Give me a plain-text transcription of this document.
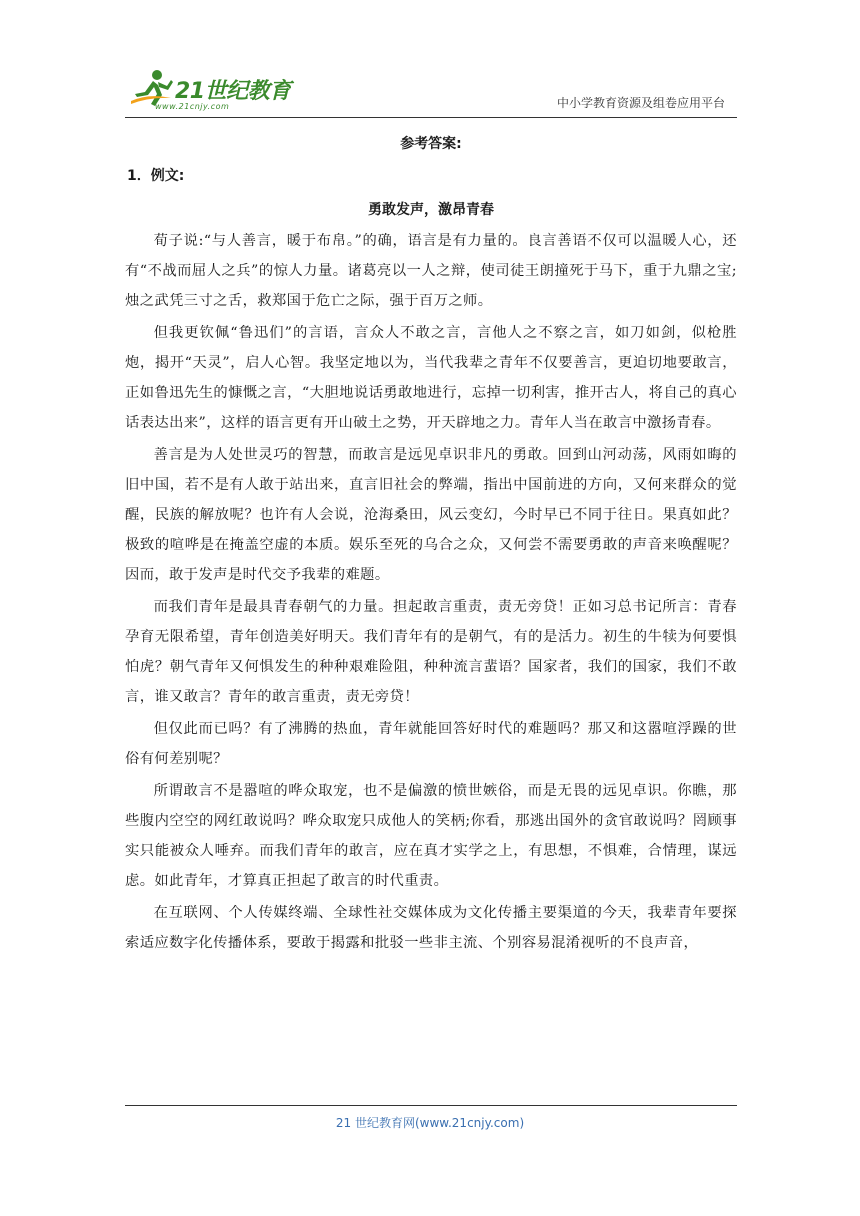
21世纪教育
www.21cnjy.com	中小学教育资源及组卷应用平台
参考答案:
1．例文:
勇敢发声，激昂青春

荀子说:“与人善言，暖于布帛。”的确，语言是有力量的。良言善语不仅可以温暖人心，还有“不战而屈人之兵”的惊人力量。诸葛亮以一人之辩，使司徒王朗撞死于马下，重于九鼎之宝;烛之武凭三寸之舌，救郑国于危亡之际，强于百万之师。

但我更钦佩“鲁迅们”的言语，言众人不敢之言，言他人之不察之言，如刀如剑，似枪胜炮，揭开“天灵”，启人心智。我坚定地以为，当代我辈之青年不仅要善言，更迫切地要敢言，正如鲁迅先生的慷慨之言，“大胆地说话勇敢地进行，忘掉一切利害，推开古人，将自己的真心话表达出来”，这样的语言更有开山破土之势，开天辟地之力。青年人当在敢言中激扬青春。

善言是为人处世灵巧的智慧，而敢言是远见卓识非凡的勇敢。回到山河动荡，风雨如晦的旧中国，若不是有人敢于站出来，直言旧社会的弊端，指出中国前进的方向，又何来群众的觉醒，民族的解放呢？也许有人会说，沧海桑田，风云变幻，今时早已不同于往日。果真如此？极致的喧哗是在掩盖空虚的本质。娱乐至死的乌合之众，又何尝不需要勇敢的声音来唤醒呢？因而，敢于发声是时代交予我辈的难题。

而我们青年是最具青春朝气的力量。担起敢言重责，责无旁贷！正如习总书记所言：青春孕育无限希望，青年创造美好明天。我们青年有的是朝气，有的是活力。初生的牛犊为何要惧怕虎？朝气青年又何惧发生的种种艰难险阻，种种流言蜚语？国家者，我们的国家，我们不敢言，谁又敢言？青年的敢言重责，责无旁贷！

但仅此而已吗？有了沸腾的热血，青年就能回答好时代的难题吗？那又和这嚣喧浮躁的世俗有何差别呢？

所谓敢言不是嚣喧的哗众取宠，也不是偏激的愤世嫉俗，而是无畏的远见卓识。你瞧，那些腹内空空的网红敢说吗？哗众取宠只成他人的笑柄;你看，那逃出国外的贪官敢说吗？罔顾事实只能被众人唾弃。而我们青年的敢言，应在真才实学之上，有思想，不惧难，合情理，谋远虑。如此青年，才算真正担起了敢言的时代重责。

在互联网、个人传媒终端、全球性社交媒体成为文化传播主要渠道的今天，我辈青年要探索适应数字化传播体系，要敢于揭露和批驳一些非主流、个别容易混淆视听的不良声音，

21 世纪教育网(www.21cnjy.com)
